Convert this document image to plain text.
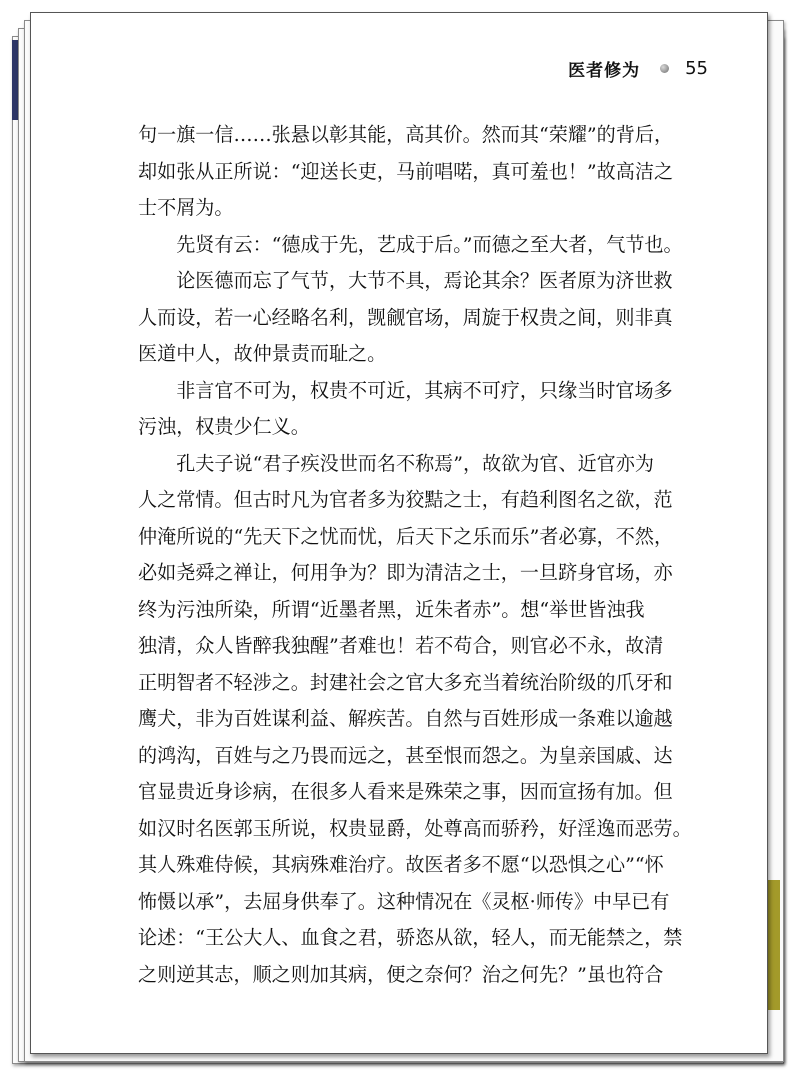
医者修为	55
句一旗一信……张悬以彰其能，高其价。然而其“荣耀”的背后，
却如张从正所说：“迎送长吏，马前唱喏，真可羞也！”故高洁之
士不屑为。
　　先贤有云：“德成于先，艺成于后。”而德之至大者，气节也。
　　论医德而忘了气节，大节不具，焉论其余？医者原为济世救
人而设，若一心经略名利，觊觎官场，周旋于权贵之间，则非真
医道中人，故仲景责而耻之。
　　非言官不可为，权贵不可近，其病不可疗，只缘当时官场多
污浊，权贵少仁义。
　　孔夫子说“君子疾没世而名不称焉”，故欲为官、近官亦为
人之常情。但古时凡为官者多为狡黠之士，有趋利图名之欲，范
仲淹所说的“先天下之忧而忧，后天下之乐而乐”者必寡，不然，
必如尧舜之禅让，何用争为？即为清洁之士，一旦跻身官场，亦
终为污浊所染，所谓“近墨者黑，近朱者赤”。想“举世皆浊我
独清，众人皆醉我独醒”者难也！若不苟合，则官必不永，故清
正明智者不轻涉之。封建社会之官大多充当着统治阶级的爪牙和
鹰犬，非为百姓谋利益、解疾苦。自然与百姓形成一条难以逾越
的鸿沟，百姓与之乃畏而远之，甚至恨而怨之。为皇亲国戚、达
官显贵近身诊病，在很多人看来是殊荣之事，因而宣扬有加。但
如汉时名医郭玉所说，权贵显爵，处尊高而骄矜，好淫逸而恶劳。
其人殊难侍候，其病殊难治疗。故医者多不愿“以恐惧之心”“怀
怖慑以承”，去屈身供奉了。这种情况在《灵枢·师传》中早已有
论述：“王公大人、血食之君，骄恣从欲，轻人，而无能禁之，禁
之则逆其志，顺之则加其病，便之奈何？治之何先？”虽也符合
